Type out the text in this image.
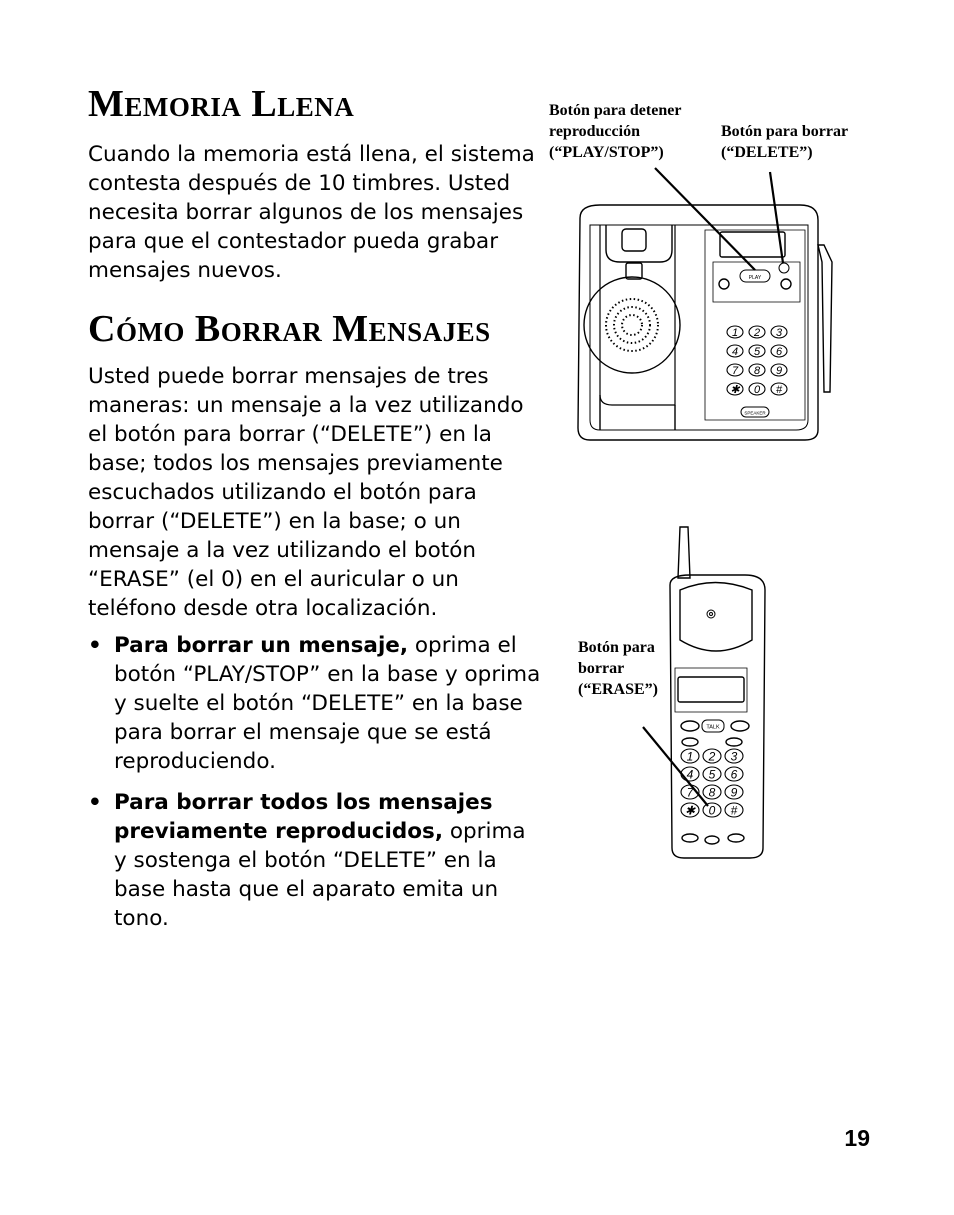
Memoria Llena

Cuando la memoria está llena, el sistema contesta después de 10 timbres. Usted necesita borrar algunos de los mensajes para que el contestador pueda grabar mensajes nuevos.

Cómo Borrar Mensajes

Usted puede borrar mensajes de tres maneras: un mensaje a la vez utilizando el botón para borrar (“DELETE”) en la base; todos los mensajes previamente escuchados utilizando el botón para borrar (“DELETE”) en la base; o un mensaje a la vez utilizando el botón “ERASE” (el 0) en el auricular o un teléfono desde otra localización.

• Para borrar un mensaje, oprima el botón “PLAY/STOP” en la base y oprima y suelte el botón “DELETE” en la base para borrar el mensaje que se está reproduciendo.
• Para borrar todos los mensajes previamente reproducidos, oprima y sostenga el botón “DELETE” en la base hasta que el aparato emita un tono.
Botón para detener reproducción (“PLAY/STOP”)
Botón para borrar (“DELETE”)
Botón para borrar (“ERASE”)
PLAY
1 2 3
4 5 6
7 8 9
✱ 0 #
SPEAKER
TALK
1 2 3
4 5 6
7 8 9
✱ 0 #
19
